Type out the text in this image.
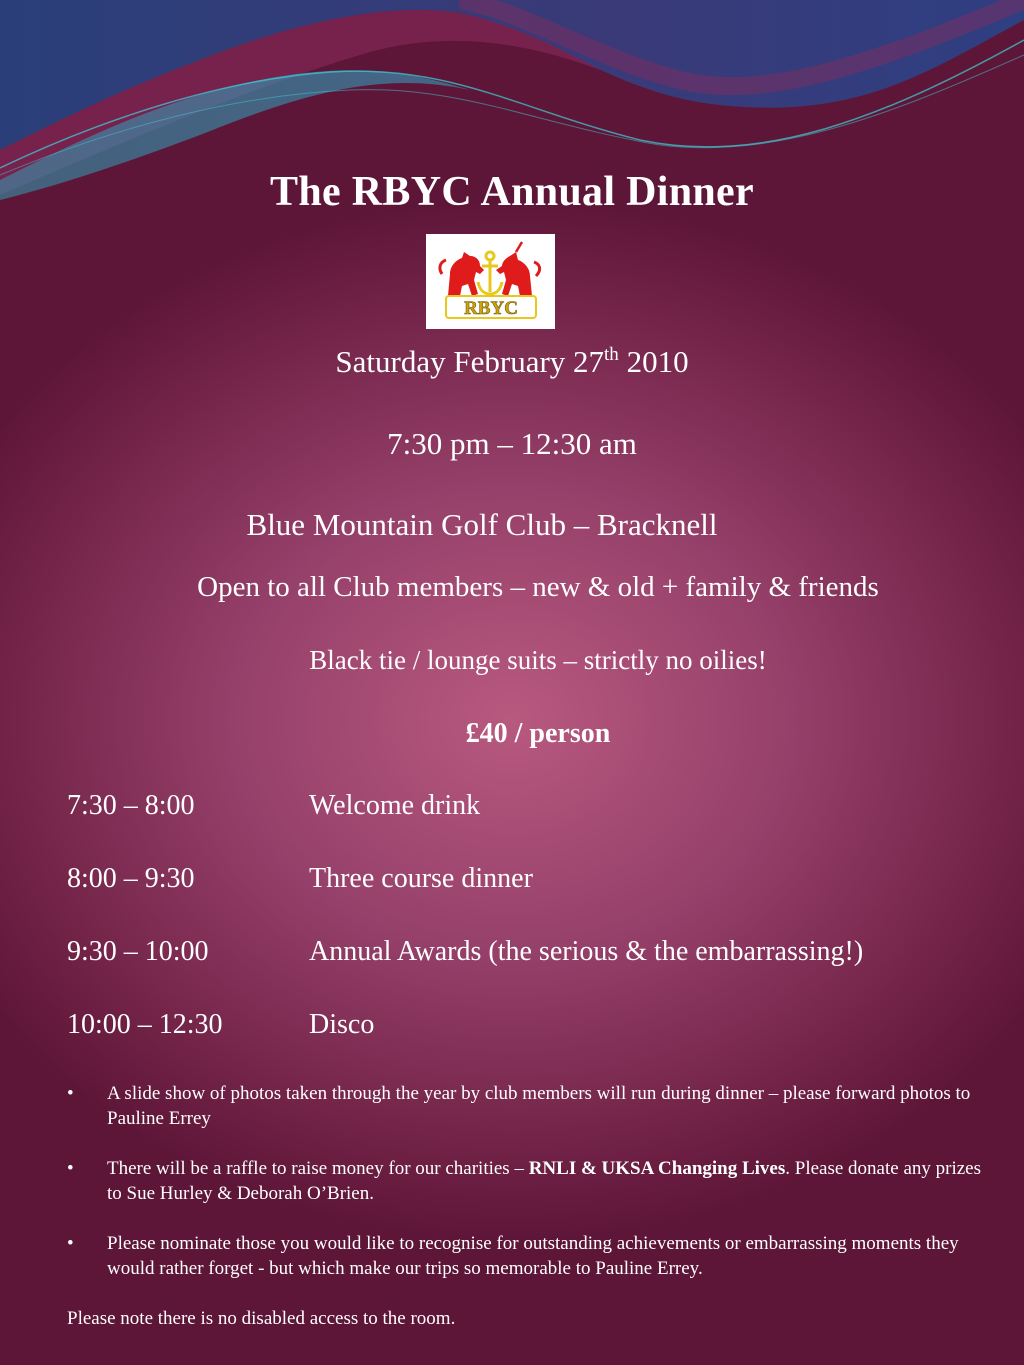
The RBYC Annual Dinner
RBYC

Saturday February 27th 2010

7:30 pm – 12:30 am

Blue Mountain Golf Club – Bracknell

Open to all Club members – new & old + family & friends

Black tie / lounge suits – strictly no oilies!

£40 / person

7:30 – 8:00	Welcome drink
8:00 – 9:30	Three course dinner
9:30 – 10:00	Annual Awards (the serious & the embarrassing!)
10:00 – 12:30	Disco
• A slide show of photos taken through the year by club members will run during dinner – please forward photos to Pauline Errey
• There will be a raffle to raise money for our charities – RNLI & UKSA Changing Lives. Please donate any prizes to Sue Hurley & Deborah O’Brien.
• Please nominate those you would like to recognise for outstanding achievements or embarrassing moments they would rather forget - but which make our trips so memorable to Pauline Errey.

Please note there is no disabled access to the room.
